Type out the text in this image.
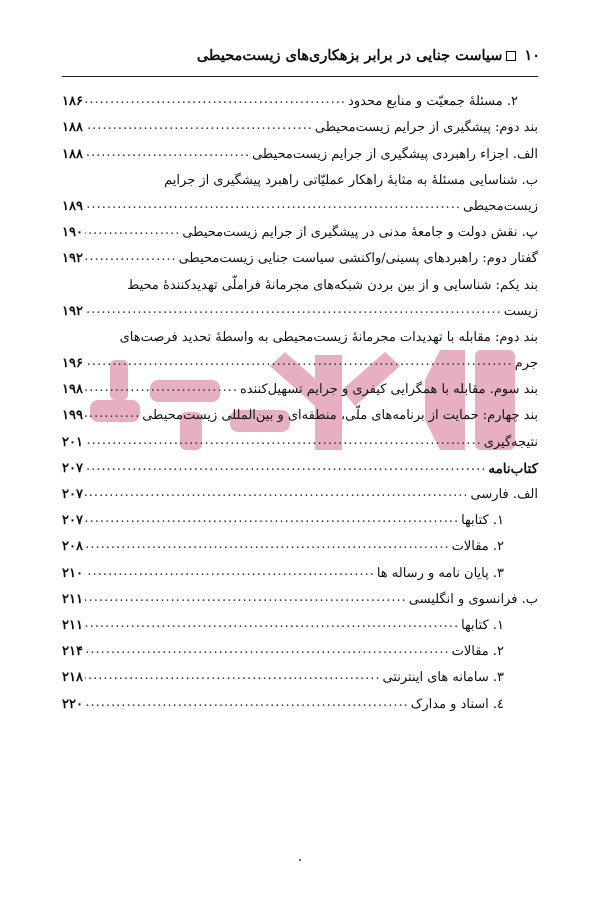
۱۰سیاست جنایی در برابر بزهکاری‌های زیست‌محیطی
۲. مسئلهٔ جمعیّت و منابع محدود
.....
۱۸۶
بند دوم: پیشگیری از جرایم زیست‌محیطی
.....
۱۸۸
الف. اجزاء راهبردی پیشگیری از جرایم زیست‌محیطی
.....
۱۸۸
ب. شناسایی مسئلهٔ به مثابهٔ راهکار عملیّاتی راهبرد پیشگیری از جرایم
زیست‌محیطی
.....
۱۸۹
پ. نقش دولت و جامعهٔ مدنی در پیشگیری از جرایم زیست‌محیطی
.....
۱۹۰
گفتار دوم: راهبردهای پسینی/واکنشی سیاست جنایی زیست‌محیطی
.....
۱۹۲
بند یکم: شناسایی و از بین بردن شبکه‌های مجرمانهٔ فراملّی تهدیدکنندهٔ محیط
زیست
.....
۱۹۲
بند دوم: مقابله با تهدیدات مجرمانهٔ زیست‌محیطی به واسطهٔ تحدید فرصت‌های
جرم
.....
۱۹۶
بند سوم. مقابله با همگرایی کیفری و جرایم تسهیل‌کننده
.....
۱۹۸
بند چهارم: حمایت از برنامه‌های ملّی، منطقه‌ای و بین‌المللی زیست‌محیطی
.....
۱۹۹
نتیجه‌گیری
.....
۲۰۱
کتاب‌نامه
.....
۲۰۷
الف. فارسی
.....
۲۰۷
۱. کتابها
.....
۲۰۷
۲. مقالات
.....
۲۰۸
۳. پایان نامه و رساله ها
.....
۲۱۰
ب. فرانسوی و انگلیسی
.....
۲۱۱
۱. کتابها
.....
۲۱۱
۲. مقالات
.....
۲۱۴
۳. سامانه های اینترنتی
.....
۲۱۸
٤. اسناد و مدارک
.....
۲۲۰
٠
